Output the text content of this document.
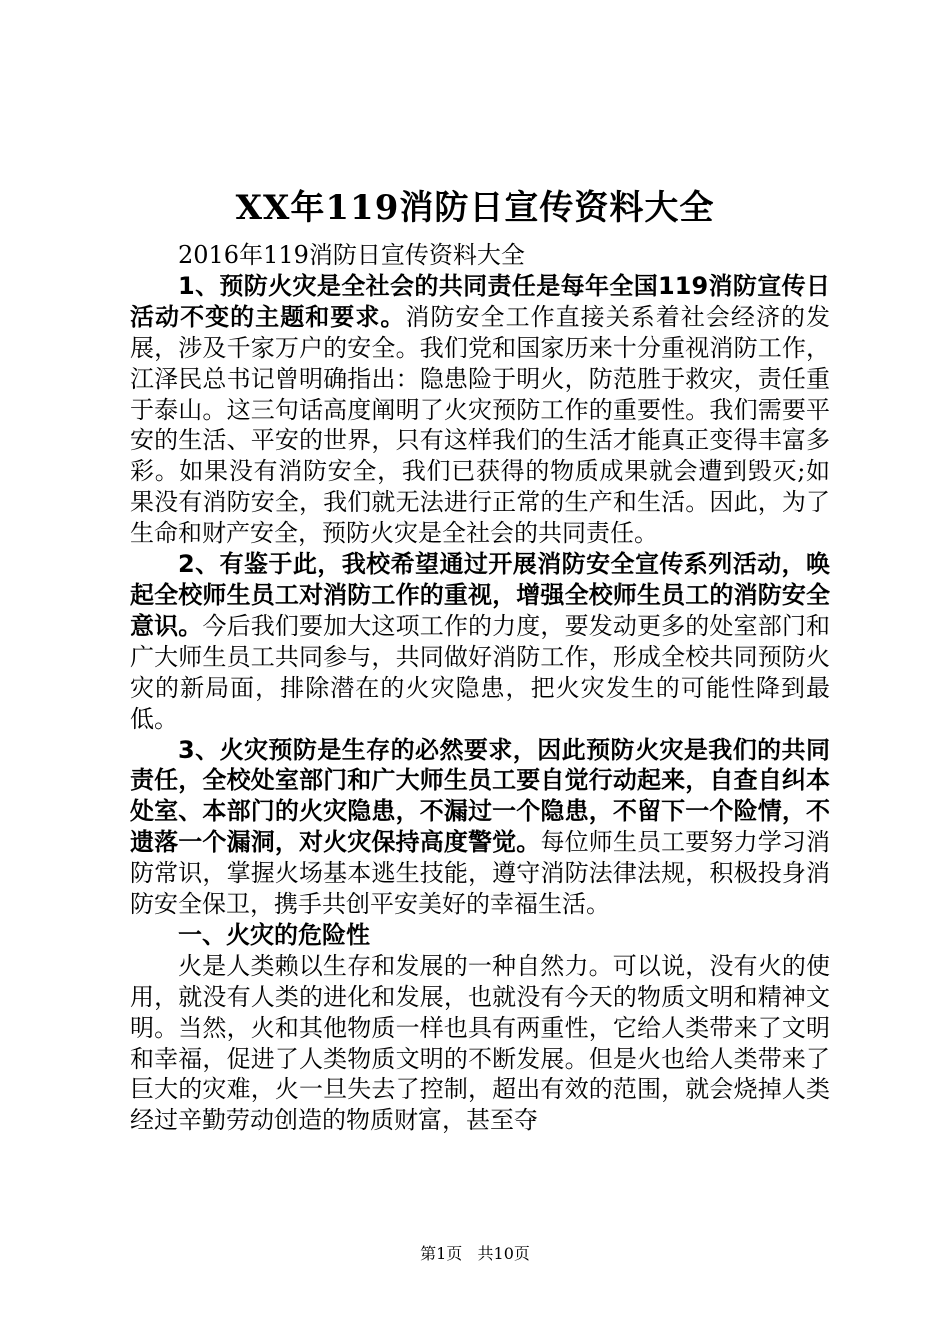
XX年119消防日宣传资料大全

2016年119消防日宣传资料大全

1、预防火灾是全社会的共同责任是每年全国119消防宣传日活动不变的主题和要求。消防安全工作直接关系着社会经济的发展，涉及千家万户的安全。我们党和国家历来十分重视消防工作，江泽民总书记曾明确指出：隐患险于明火，防范胜于救灾，责任重于泰山。这三句话高度阐明了火灾预防工作的重要性。我们需要平安的生活、平安的世界，只有这样我们的生活才能真正变得丰富多彩。如果没有消防安全，我们已获得的物质成果就会遭到毁灭;如果没有消防安全，我们就无法进行正常的生产和生活。因此，为了生命和财产安全，预防火灾是全社会的共同责任。

2、有鉴于此，我校希望通过开展消防安全宣传系列活动，唤起全校师生员工对消防工作的重视，增强全校师生员工的消防安全意识。今后我们要加大这项工作的力度，要发动更多的处室部门和广大师生员工共同参与，共同做好消防工作，形成全校共同预防火灾的新局面，排除潜在的火灾隐患，把火灾发生的可能性降到最低。

3、火灾预防是生存的必然要求，因此预防火灾是我们的共同责任，全校处室部门和广大师生员工要自觉行动起来，自查自纠本处室、本部门的火灾隐患，不漏过一个隐患，不留下一个险情，不遗落一个漏洞，对火灾保持高度警觉。每位师生员工要努力学习消防常识，掌握火场基本逃生技能，遵守消防法律法规，积极投身消防安全保卫，携手共创平安美好的幸福生活。

一、火灾的危险性

火是人类赖以生存和发展的一种自然力。可以说，没有火的使用，就没有人类的进化和发展，也就没有今天的物质文明和精神文明。当然，火和其他物质一样也具有两重性，它给人类带来了文明和幸福，促进了人类物质文明的不断发展。但是火也给人类带来了巨大的灾难，火一旦失去了控制，超出有效的范围，就会烧掉人类经过辛勤劳动创造的物质财富，甚至夺

第1页 共10页
